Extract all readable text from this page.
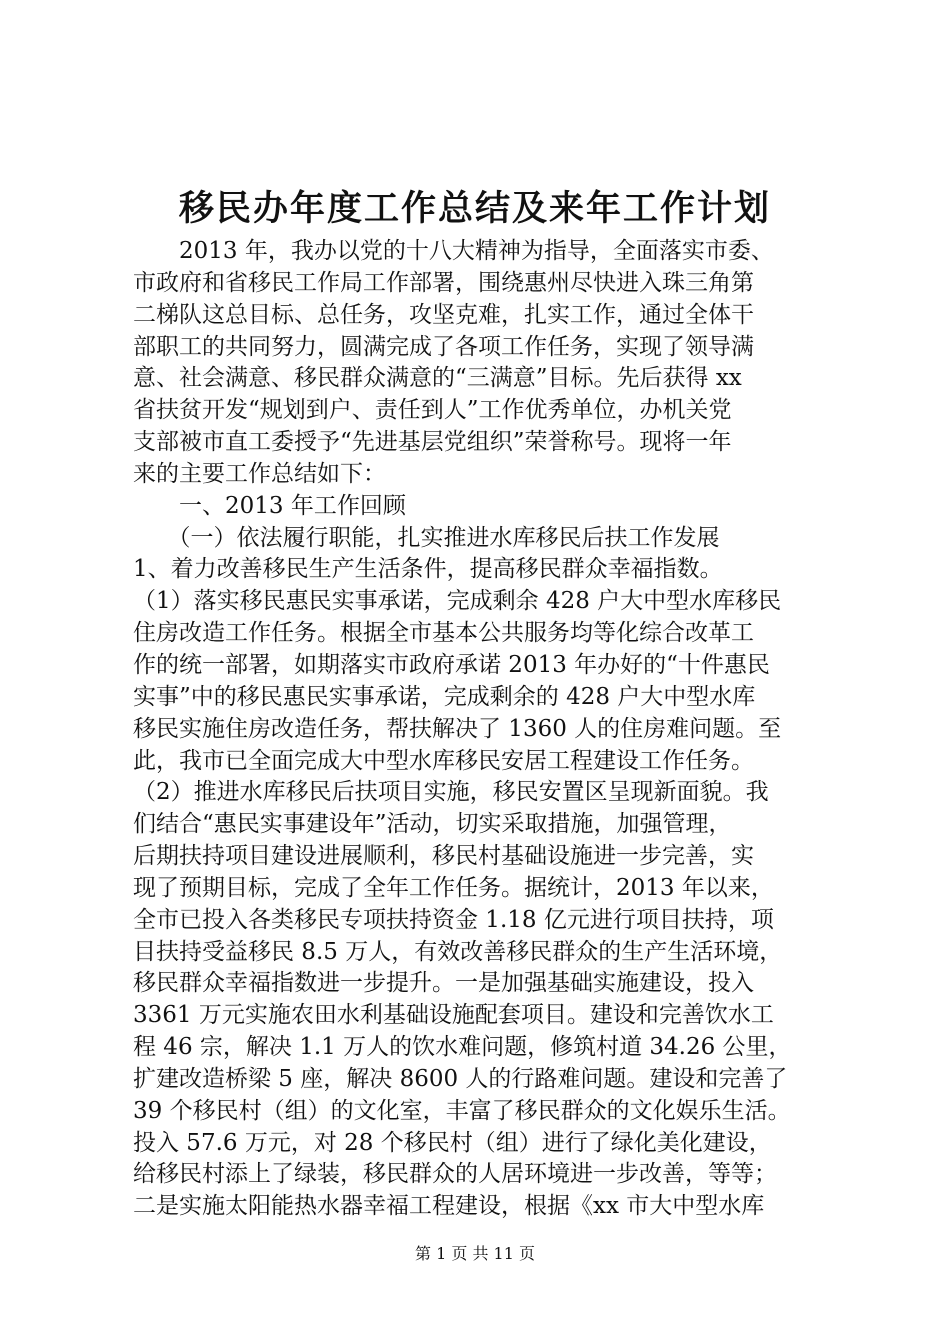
移民办年度工作总结及来年工作计划
　　2013 年，我办以党的十八大精神为指导，全面落实市委、
市政府和省移民工作局工作部署，围绕惠州尽快进入珠三角第
二梯队这总目标、总任务，攻坚克难，扎实工作，通过全体干
部职工的共同努力，圆满完成了各项工作任务，实现了领导满
意、社会满意、移民群众满意的“三满意”目标。先后获得 xx
省扶贫开发“规划到户、责任到人”工作优秀单位，办机关党
支部被市直工委授予“先进基层党组织”荣誉称号。现将一年
来的主要工作总结如下：
　　一、2013 年工作回顾
　　（一）依法履行职能，扎实推进水库移民后扶工作发展
1、着力改善移民生产生活条件，提高移民群众幸福指数。
（1）落实移民惠民实事承诺，完成剩余 428 户大中型水库移民
住房改造工作任务。根据全市基本公共服务均等化综合改革工
作的统一部署，如期落实市政府承诺 2013 年办好的“十件惠民
实事”中的移民惠民实事承诺，完成剩余的 428 户大中型水库
移民实施住房改造任务，帮扶解决了 1360 人的住房难问题。至
此，我市已全面完成大中型水库移民安居工程建设工作任务。
（2）推进水库移民后扶项目实施，移民安置区呈现新面貌。我
们结合“惠民实事建设年”活动，切实采取措施，加强管理，
后期扶持项目建设进展顺利，移民村基础设施进一步完善，实
现了预期目标，完成了全年工作任务。据统计，2013 年以来，
全市已投入各类移民专项扶持资金 1.18 亿元进行项目扶持，项
目扶持受益移民 8.5 万人，有效改善移民群众的生产生活环境，
移民群众幸福指数进一步提升。一是加强基础实施建设，投入
3361 万元实施农田水利基础设施配套项目。建设和完善饮水工
程 46 宗，解决 1.1 万人的饮水难问题，修筑村道 34.26 公里，
扩建改造桥梁 5 座，解决 8600 人的行路难问题。建设和完善了
39 个移民村（组）的文化室，丰富了移民群众的文化娱乐生活。
投入 57.6 万元，对 28 个移民村（组）进行了绿化美化建设，
给移民村添上了绿装，移民群众的人居环境进一步改善，等等；
二是实施太阳能热水器幸福工程建设，根据《xx 市大中型水库
第 1 页 共 11 页
